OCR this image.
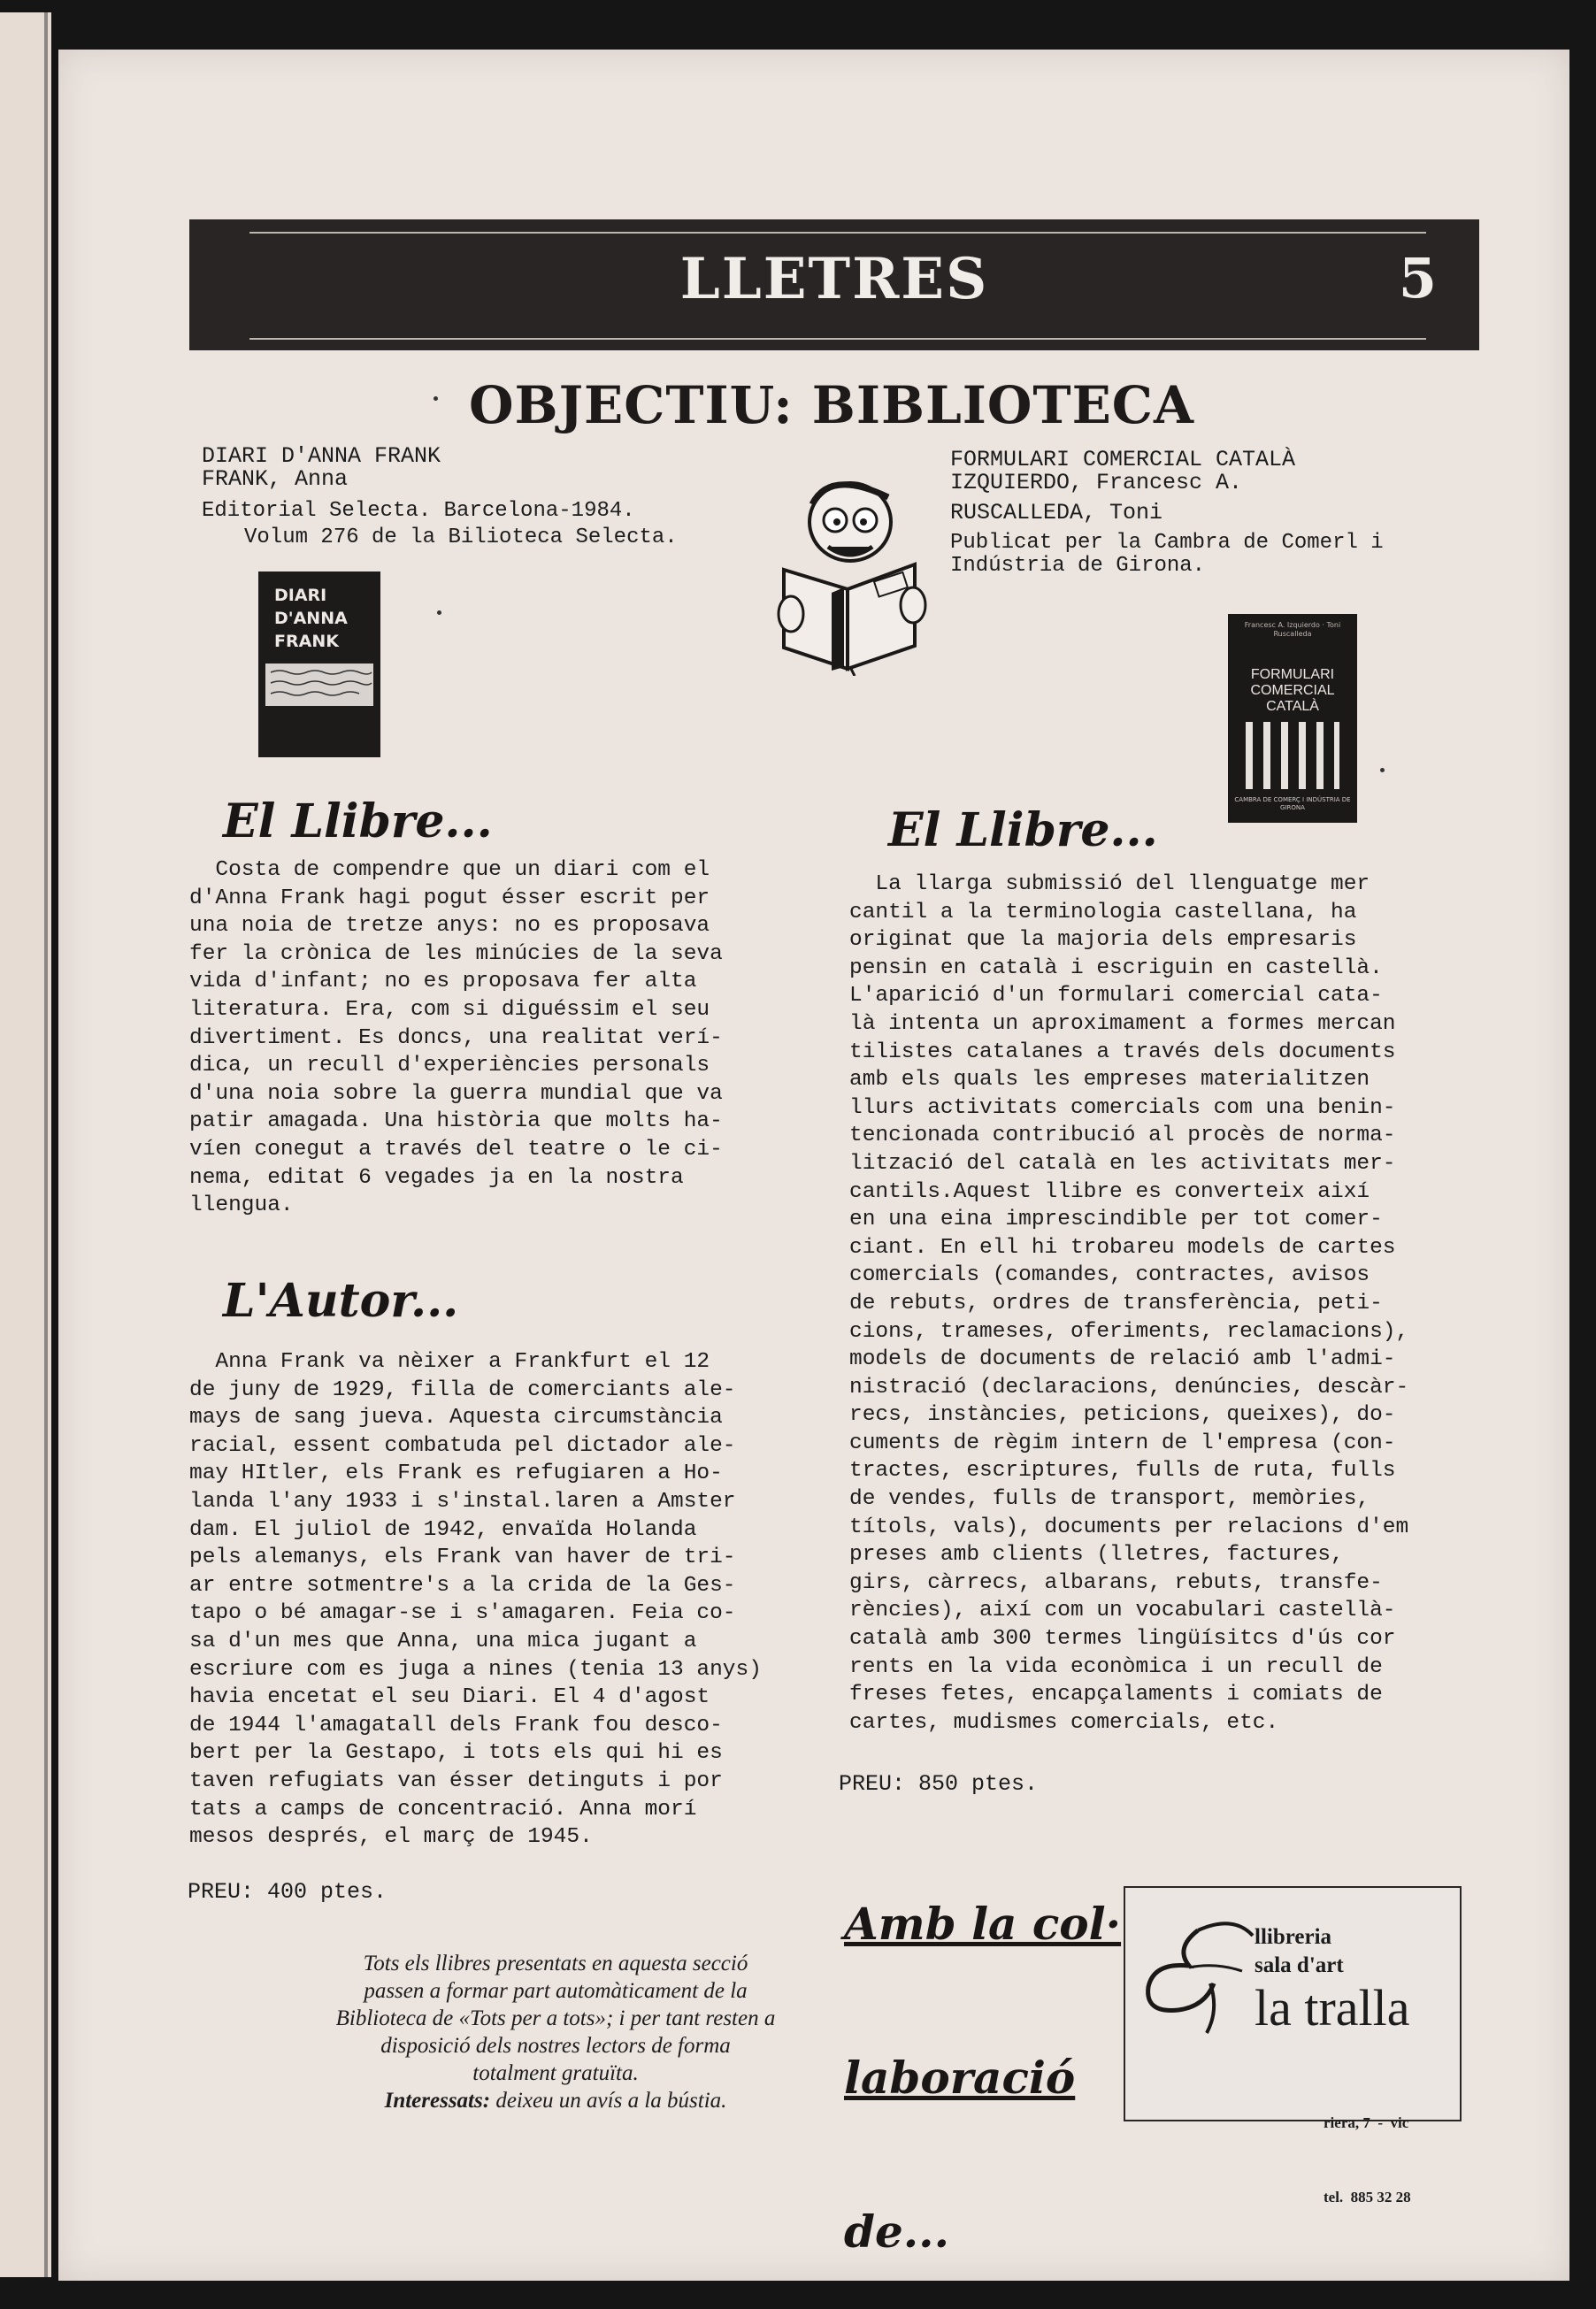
LLETRES	5
OBJECTIU: BIBLIOTECA
DIARI D'ANNA FRANK
FRANK, Anna
Editorial Selecta. Barcelona-1984.
Volum 276 de la Bilioteca Selecta.
DIARI
D'ANNA
FRANK
FORMULARI COMERCIAL CATALÀ
IZQUIERDO, Francesc A.
RUSCALLEDA, Toni
Publicat per la Cambra de Comerl i
Indústria de Girona.
Francesc A. Izquierdo · Toni Ruscalleda
FORMULARI
COMERCIAL
CATALÀ
CAMBRA DE COMERÇ I INDÚSTRIA DE GIRONA
El Llibre...
Costa de compendre que un diari com el
d'Anna Frank hagi pogut ésser escrit per
una noia de tretze anys: no es proposava
fer la crònica de les minúcies de la seva
vida d'infant; no es proposava fer alta
literatura. Era, com si diguéssim el seu
divertiment. Es doncs, una realitat verí-
dica, un recull d'experiències personals
d'una noia sobre la guerra mundial que va
patir amagada. Una història que molts ha-
víen conegut a través del teatre o le ci-
nema, editat 6 vegades ja en la nostra
llengua.
L'Autor...
Anna Frank va nèixer a Frankfurt el 12
de juny de 1929, filla de comerciants ale-
mays de sang jueva. Aquesta circumstància
racial, essent combatuda pel dictador ale-
may HItler, els Frank es refugiaren a Ho-
landa l'any 1933 i s'instal.laren a Amster
dam. El juliol de 1942, envaïda Holanda
pels alemanys, els Frank van haver de tri-
ar entre sotmentre's a la crida de la Ges-
tapo o bé amagar-se i s'amagaren. Feia co-
sa d'un mes que Anna, una mica jugant a
escriure com es juga a nines (tenia 13 anys)
havia encetat el seu Diari. El 4 d'agost
de 1944 l'amagatall dels Frank fou desco-
bert per la Gestapo, i tots els qui hi es
taven refugiats van ésser detinguts i por
tats a camps de concentració. Anna morí
mesos després, el març de 1945.
PREU: 400 ptes.
El Llibre...
La llarga submissió del llenguatge mer
cantil a la terminologia castellana, ha
originat que la majoria dels empresaris
pensin en català i escriguin en castellà.
L'aparició d'un formulari comercial cata-
là intenta un aproximament a formes mercan
tilistes catalanes a través dels documents
amb els quals les empreses materialitzen
llurs activitats comercials com una benin-
tencionada contribució al procès de norma-
lització del català en les activitats mer-
cantils.Aquest llibre es converteix així
en una eina imprescindible per tot comer-
ciant. En ell hi trobareu models de cartes
comercials (comandes, contractes, avisos
de rebuts, ordres de transferència, peti-
cions, trameses, oferiments, reclamacions),
models de documents de relació amb l'admi-
nistració (declaracions, denúncies, descàr-
recs, instàncies, peticions, queixes), do-
cuments de règim intern de l'empresa (con-
tractes, escriptures, fulls de ruta, fulls
de vendes, fulls de transport, memòries,
títols, vals), documents per relacions d'em
preses amb clients (lletres, factures,
girs, càrrecs, albarans, rebuts, transfe-
rències), així com un vocabulari castellà-
català amb 300 termes lingüísitcs d'ús cor
rents en la vida econòmica i un recull de
freses fetes, encapçalaments i comiats de
cartes, mudismes comercials, etc.
PREU: 850 ptes.
Tots els llibres presentats en aquesta secció
passen a formar part automàticament de la
Biblioteca de «Tots per a tots»; i per tant resten a
disposició dels nostres lectors de forma
totalment gratuïta.
Interessats: deixeu un avís a la bústia.

Amb la col·

laboració

de...

llibreria
sala d'art
la tralla

riera, 7  -  vic

tel.  885 32 28
